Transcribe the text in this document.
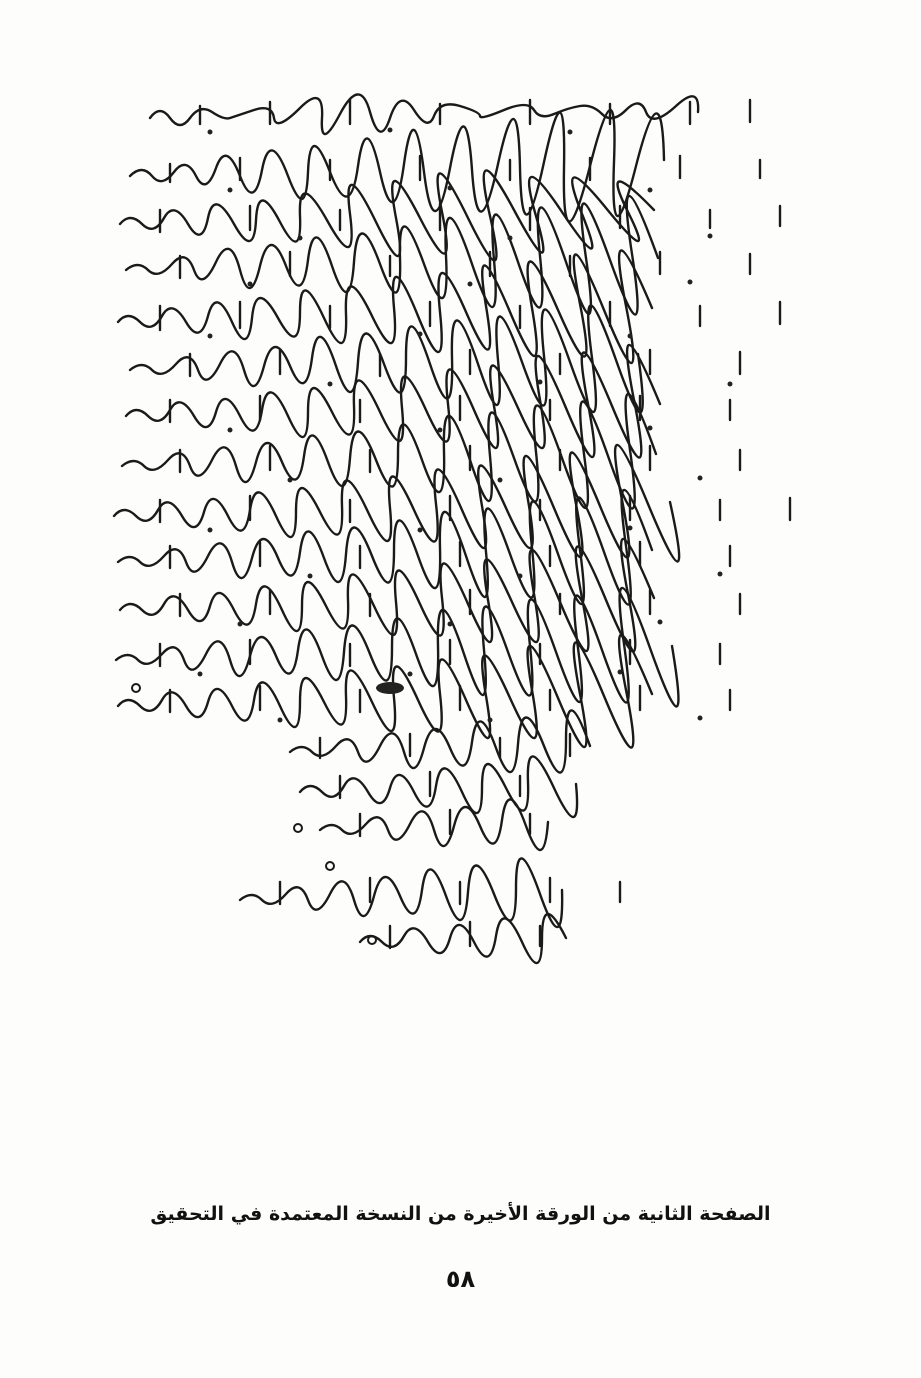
الصفحة الثانية من الورقة الأخيرة من النسخة المعتمدة في التحقيق
٥٨
